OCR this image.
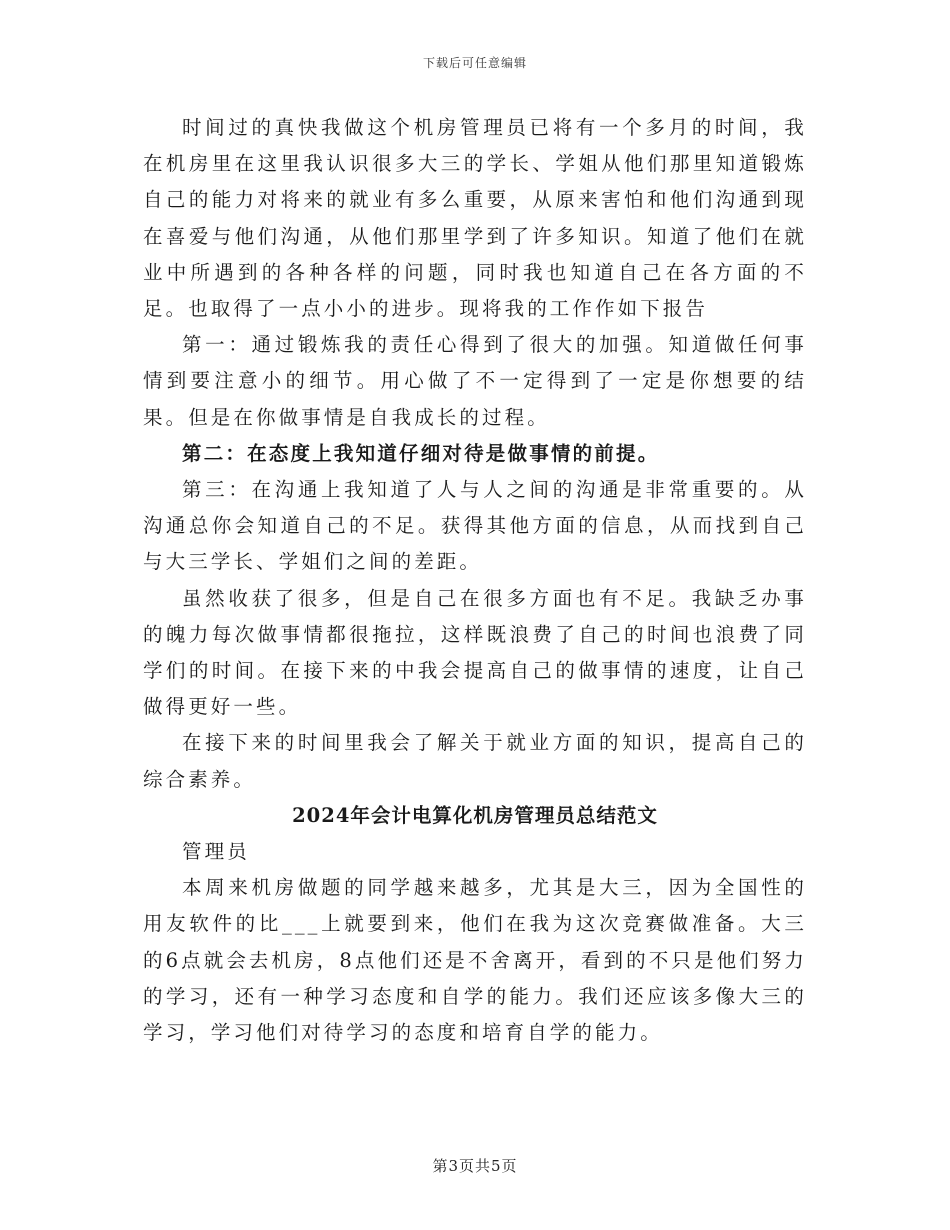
下载后可任意编辑

时间过的真快我做这个机房管理员已将有一个多月的时间，我在机房里在这里我认识很多大三的学长、学姐从他们那里知道锻炼自己的能力对将来的就业有多么重要，从原来害怕和他们沟通到现在喜爱与他们沟通，从他们那里学到了许多知识。知道了他们在就业中所遇到的各种各样的问题，同时我也知道自己在各方面的不足。也取得了一点小小的进步。现将我的工作作如下报告

第一：通过锻炼我的责任心得到了很大的加强。知道做任何事情到要注意小的细节。用心做了不一定得到了一定是你想要的结果。但是在你做事情是自我成长的过程。

第二：在态度上我知道仔细对待是做事情的前提。

第三：在沟通上我知道了人与人之间的沟通是非常重要的。从沟通总你会知道自己的不足。获得其他方面的信息，从而找到自己与大三学长、学姐们之间的差距。

虽然收获了很多，但是自己在很多方面也有不足。我缺乏办事的魄力每次做事情都很拖拉，这样既浪费了自己的时间也浪费了同学们的时间。在接下来的中我会提高自己的做事情的速度，让自己做得更好一些。

在接下来的时间里我会了解关于就业方面的知识，提高自己的综合素养。

2024年会计电算化机房管理员总结范文

管理员

本周来机房做题的同学越来越多，尤其是大三，因为全国性的用友软件的比___上就要到来，他们在我为这次竞赛做准备。大三的6点就会去机房，8点他们还是不舍离开，看到的不只是他们努力的学习，还有一种学习态度和自学的能力。我们还应该多像大三的学习，学习他们对待学习的态度和培育自学的能力。

第3页共5页
